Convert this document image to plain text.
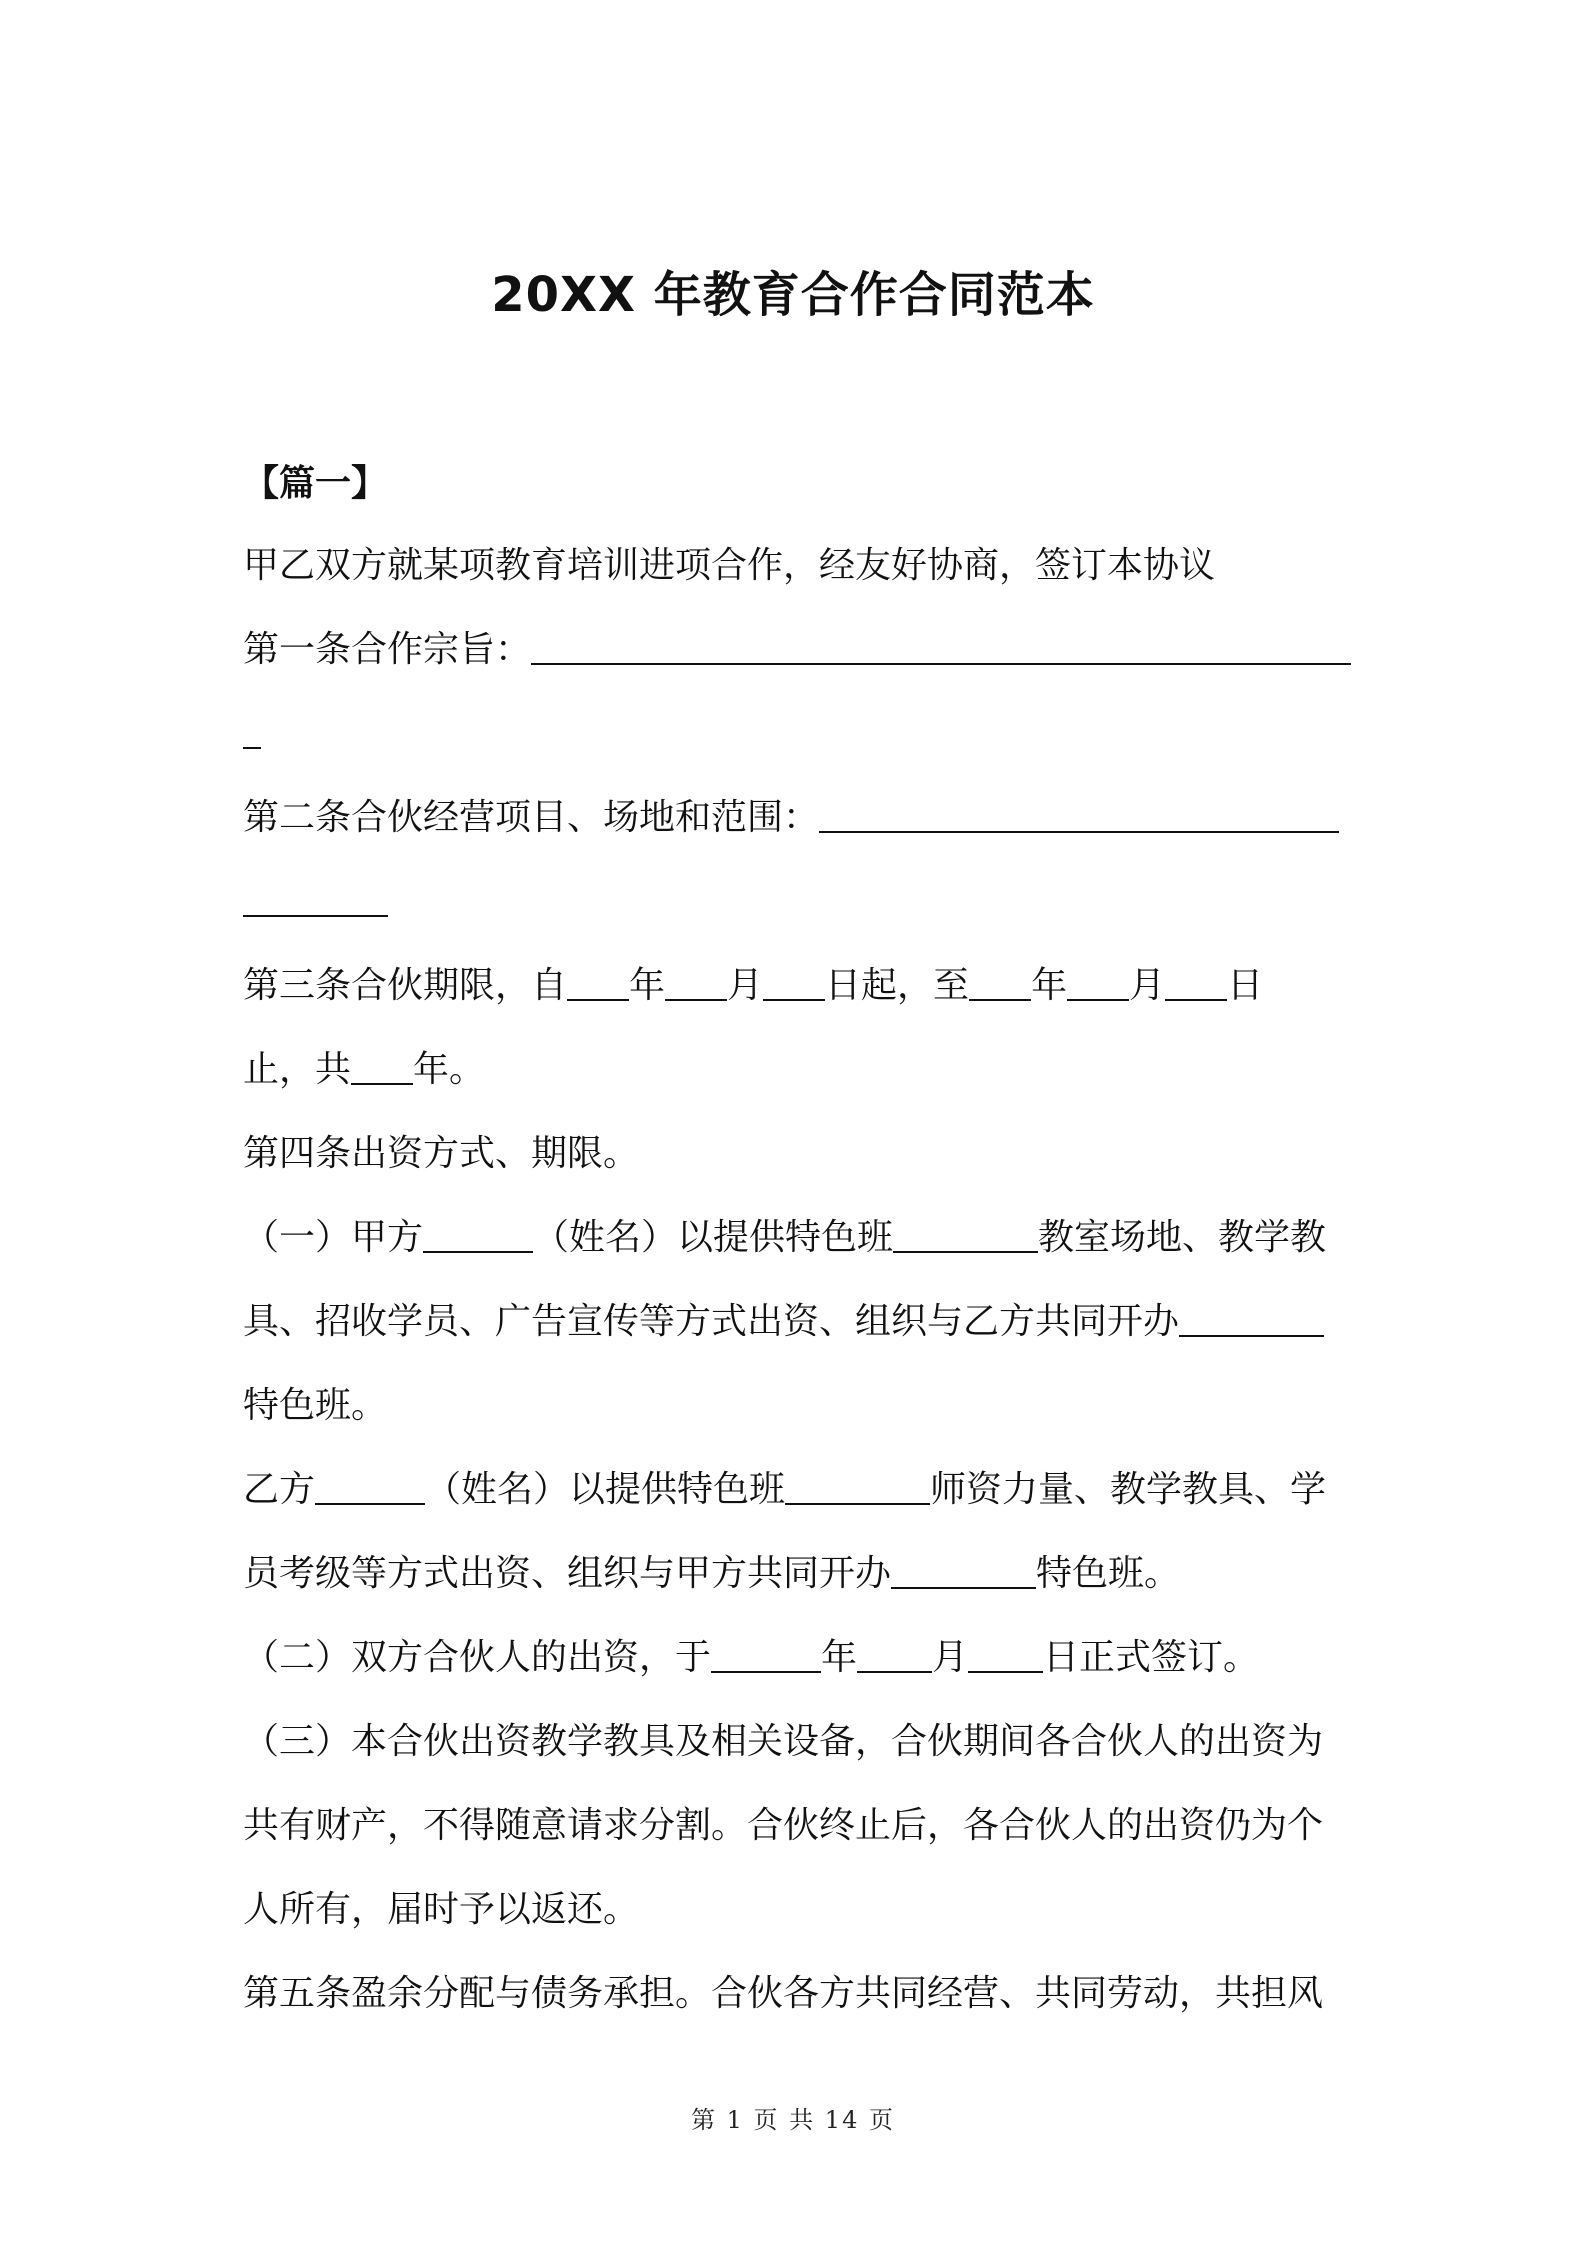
20XX 年教育合作合同范本

【篇一】

甲乙双方就某项教育培训进项合作，经友好协商，签订本协议

第一条合作宗旨：

第二条合伙经营项目、场地和范围：

第三条合伙期限，自 年 月 日起，至 年 月 日

止，共 年。

第四条出资方式、期限。

（一）甲方	（姓名）以提供特色班	教室场地、教学教

具、招收学员、广告宣传等方式出资、组织与乙方共同开办

特色班。

乙方	（姓名）以提供特色班	师资力量、教学教具、学

员考级等方式出资、组织与甲方共同开办	特色班。

（二）双方合伙人的出资，于	年 月 日正式签订。

（三）本合伙出资教学教具及相关设备，合伙期间各合伙人的出资为

共有财产，不得随意请求分割。合伙终止后，各合伙人的出资仍为个

人所有，届时予以返还。

第五条盈余分配与债务承担。合伙各方共同经营、共同劳动，共担风

第 1 页 共 14 页
